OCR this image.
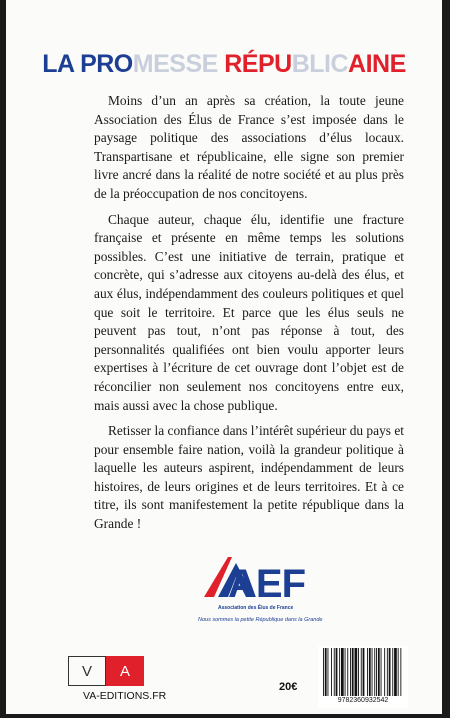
LA PROMESSE RÉPUBLICAINE

Moins d’un an après sa création, la toute jeune Association des Élus de France s’est imposée dans le paysage politique des associations d’élus locaux. Transpartisane et républicaine, elle signe son premier livre ancré dans la réalité de notre société et au plus près de la préoccupation de nos concitoyens.

Chaque auteur, chaque élu, identifie une fracture française et présente en même temps les solutions possibles. C’est une initiative de terrain, pratique et concrète, qui s’adresse aux citoyens au-delà des élus, et aux élus, indépendamment des couleurs politiques et quel que soit le territoire. Et parce que les élus seuls ne peuvent pas tout, n’ont pas réponse à tout, des personnalités qualifiées ont bien voulu apporter leurs expertises à l’écriture de cet ouvrage dont l’objet est de réconcilier non seulement nos concitoyens entre eux, mais aussi avec la chose publique.

Retisser la confiance dans l’intérêt supérieur du pays et pour ensemble faire nation, voilà la grandeur politique à laquelle les auteurs aspirent, indépendamment de leurs histoires, de leurs origines et de leurs territoires. Et à ce titre, ils sont manifestement la petite république dans la Grande !

AEF
Association des Élus de France
Nous sommes la petite République dans la Grande
V	A
VA-EDITIONS.FR
20€
9782360932542
